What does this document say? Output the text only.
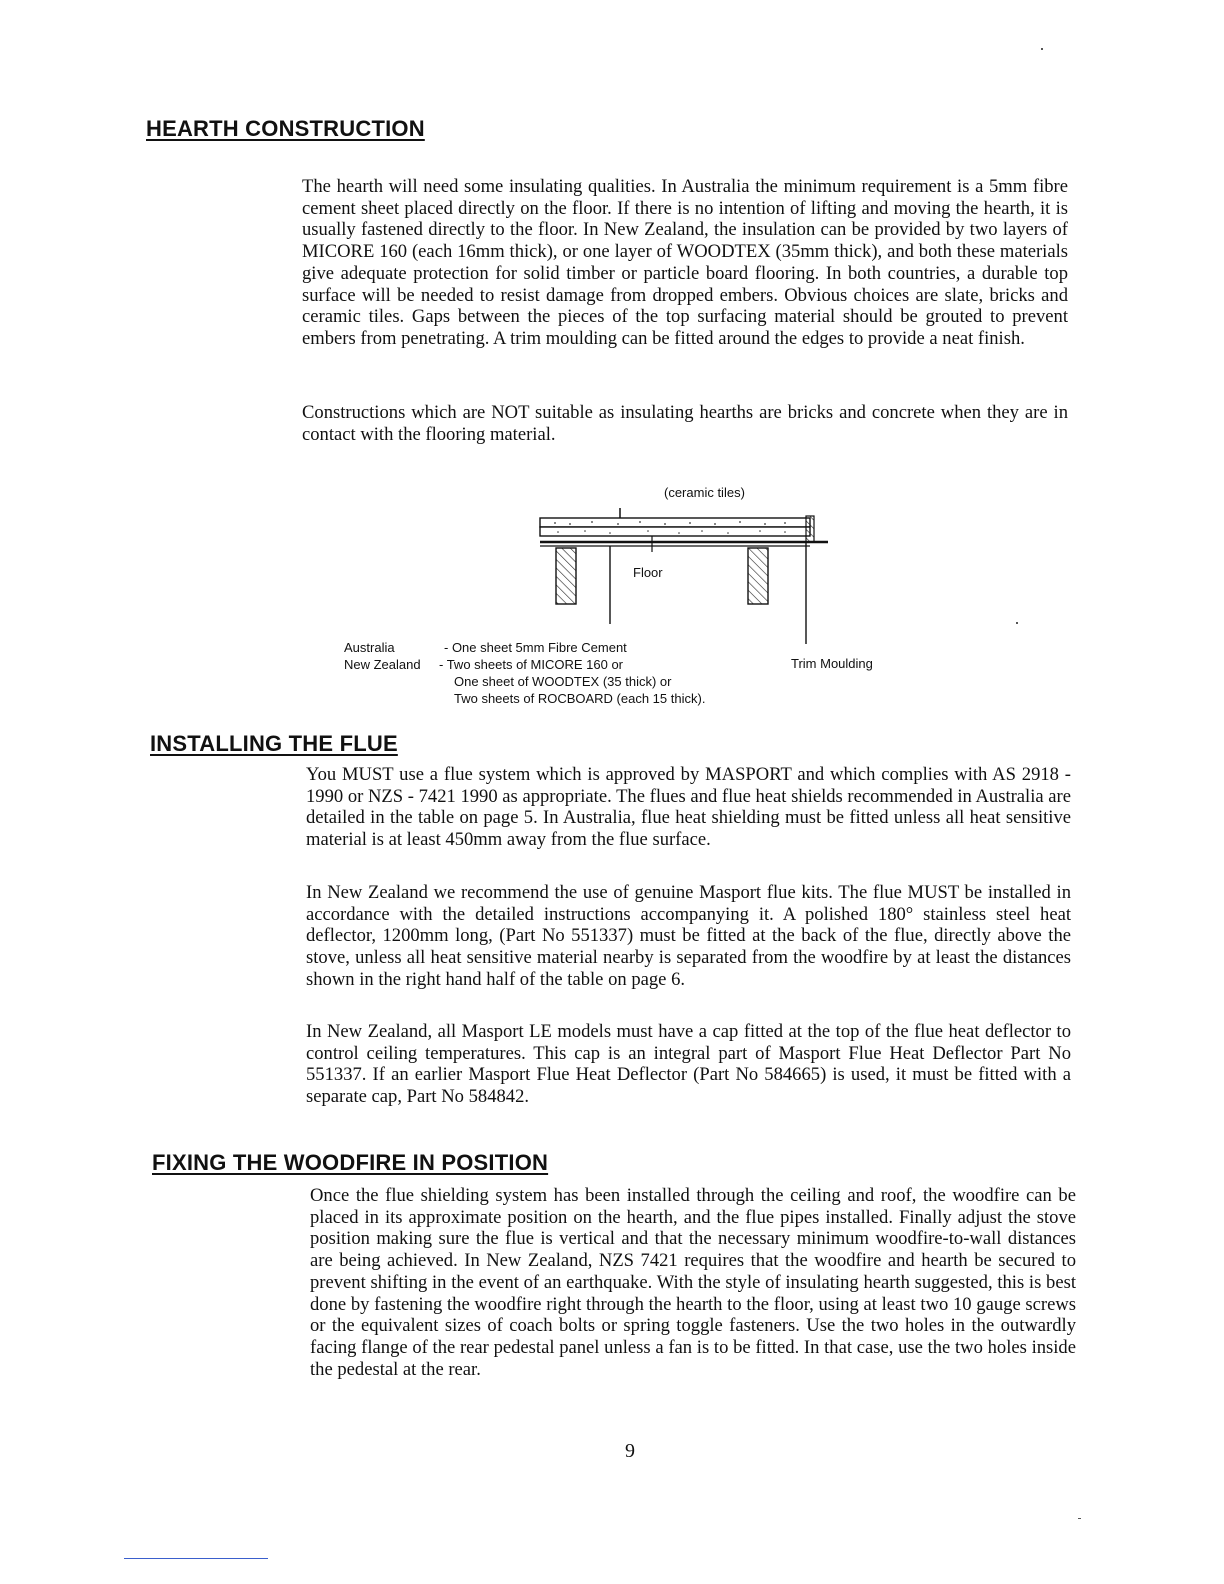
HEARTH CONSTRUCTION

The hearth will need some insulating qualities. In Australia the minimum requirement is a 5mm fibre cement sheet placed directly on the floor. If there is no intention of lifting and moving the hearth, it is usually fastened directly to the floor. In New Zealand, the insulation can be provided by two layers of MICORE 160 (each 16mm thick), or one layer of WOODTEX (35mm thick), and both these materials give adequate protection for solid timber or particle board flooring. In both countries, a durable top surface will be needed to resist damage from dropped embers. Obvious choices are slate, bricks and ceramic tiles. Gaps between the pieces of the top surfacing material should be grouted to prevent embers from penetrating. A trim moulding can be fitted around the edges to provide a neat finish.

Constructions which are NOT suitable as insulating hearths are bricks and concrete when they are in contact with the flooring material.

(ceramic tiles)
Floor
Trim Moulding
Australia	- One sheet 5mm Fibre Cement
New Zealand - Two sheets of MICORE 160 or
One sheet of WOODTEX (35 thick) or
Two sheets of ROCBOARD (each 15 thick).
INSTALLING THE FLUE

You MUST use a flue system which is approved by MASPORT and which complies with AS 2918 - 1990 or NZS - 7421 1990 as appropriate. The flues and flue heat shields recommended in Australia are detailed in the table on page 5. In Australia, flue heat shielding must be fitted unless all heat sensitive material is at least 450mm away from the flue surface.

In New Zealand we recommend the use of genuine Masport flue kits. The flue MUST be installed in accordance with the detailed instructions accompanying it. A polished 180° stainless steel heat deflector, 1200mm long, (Part No 551337) must be fitted at the back of the flue, directly above the stove, unless all heat sensitive material nearby is separated from the woodfire by at least the distances shown in the right hand half of the table on page 6.

In New Zealand, all Masport LE models must have a cap fitted at the top of the flue heat deflector to control ceiling temperatures. This cap is an integral part of Masport Flue Heat Deflector Part No 551337. If an earlier Masport Flue Heat Deflector (Part No 584665) is used, it must be fitted with a separate cap, Part No 584842.

FIXING THE WOODFIRE IN POSITION

Once the flue shielding system has been installed through the ceiling and roof, the woodfire can be placed in its approximate position on the hearth, and the flue pipes installed. Finally adjust the stove position making sure the flue is vertical and that the necessary minimum woodfire-to-wall distances are being achieved. In New Zealand, NZS 7421 requires that the woodfire and hearth be secured to prevent shifting in the event of an earthquake. With the style of insulating hearth suggested, this is best done by fastening the woodfire right through the hearth to the floor, using at least two 10 gauge screws or the equivalent sizes of coach bolts or spring toggle fasteners. Use the two holes in the outwardly facing flange of the rear pedestal panel unless a fan is to be fitted. In that case, use the two holes inside the pedestal at the rear.

9
